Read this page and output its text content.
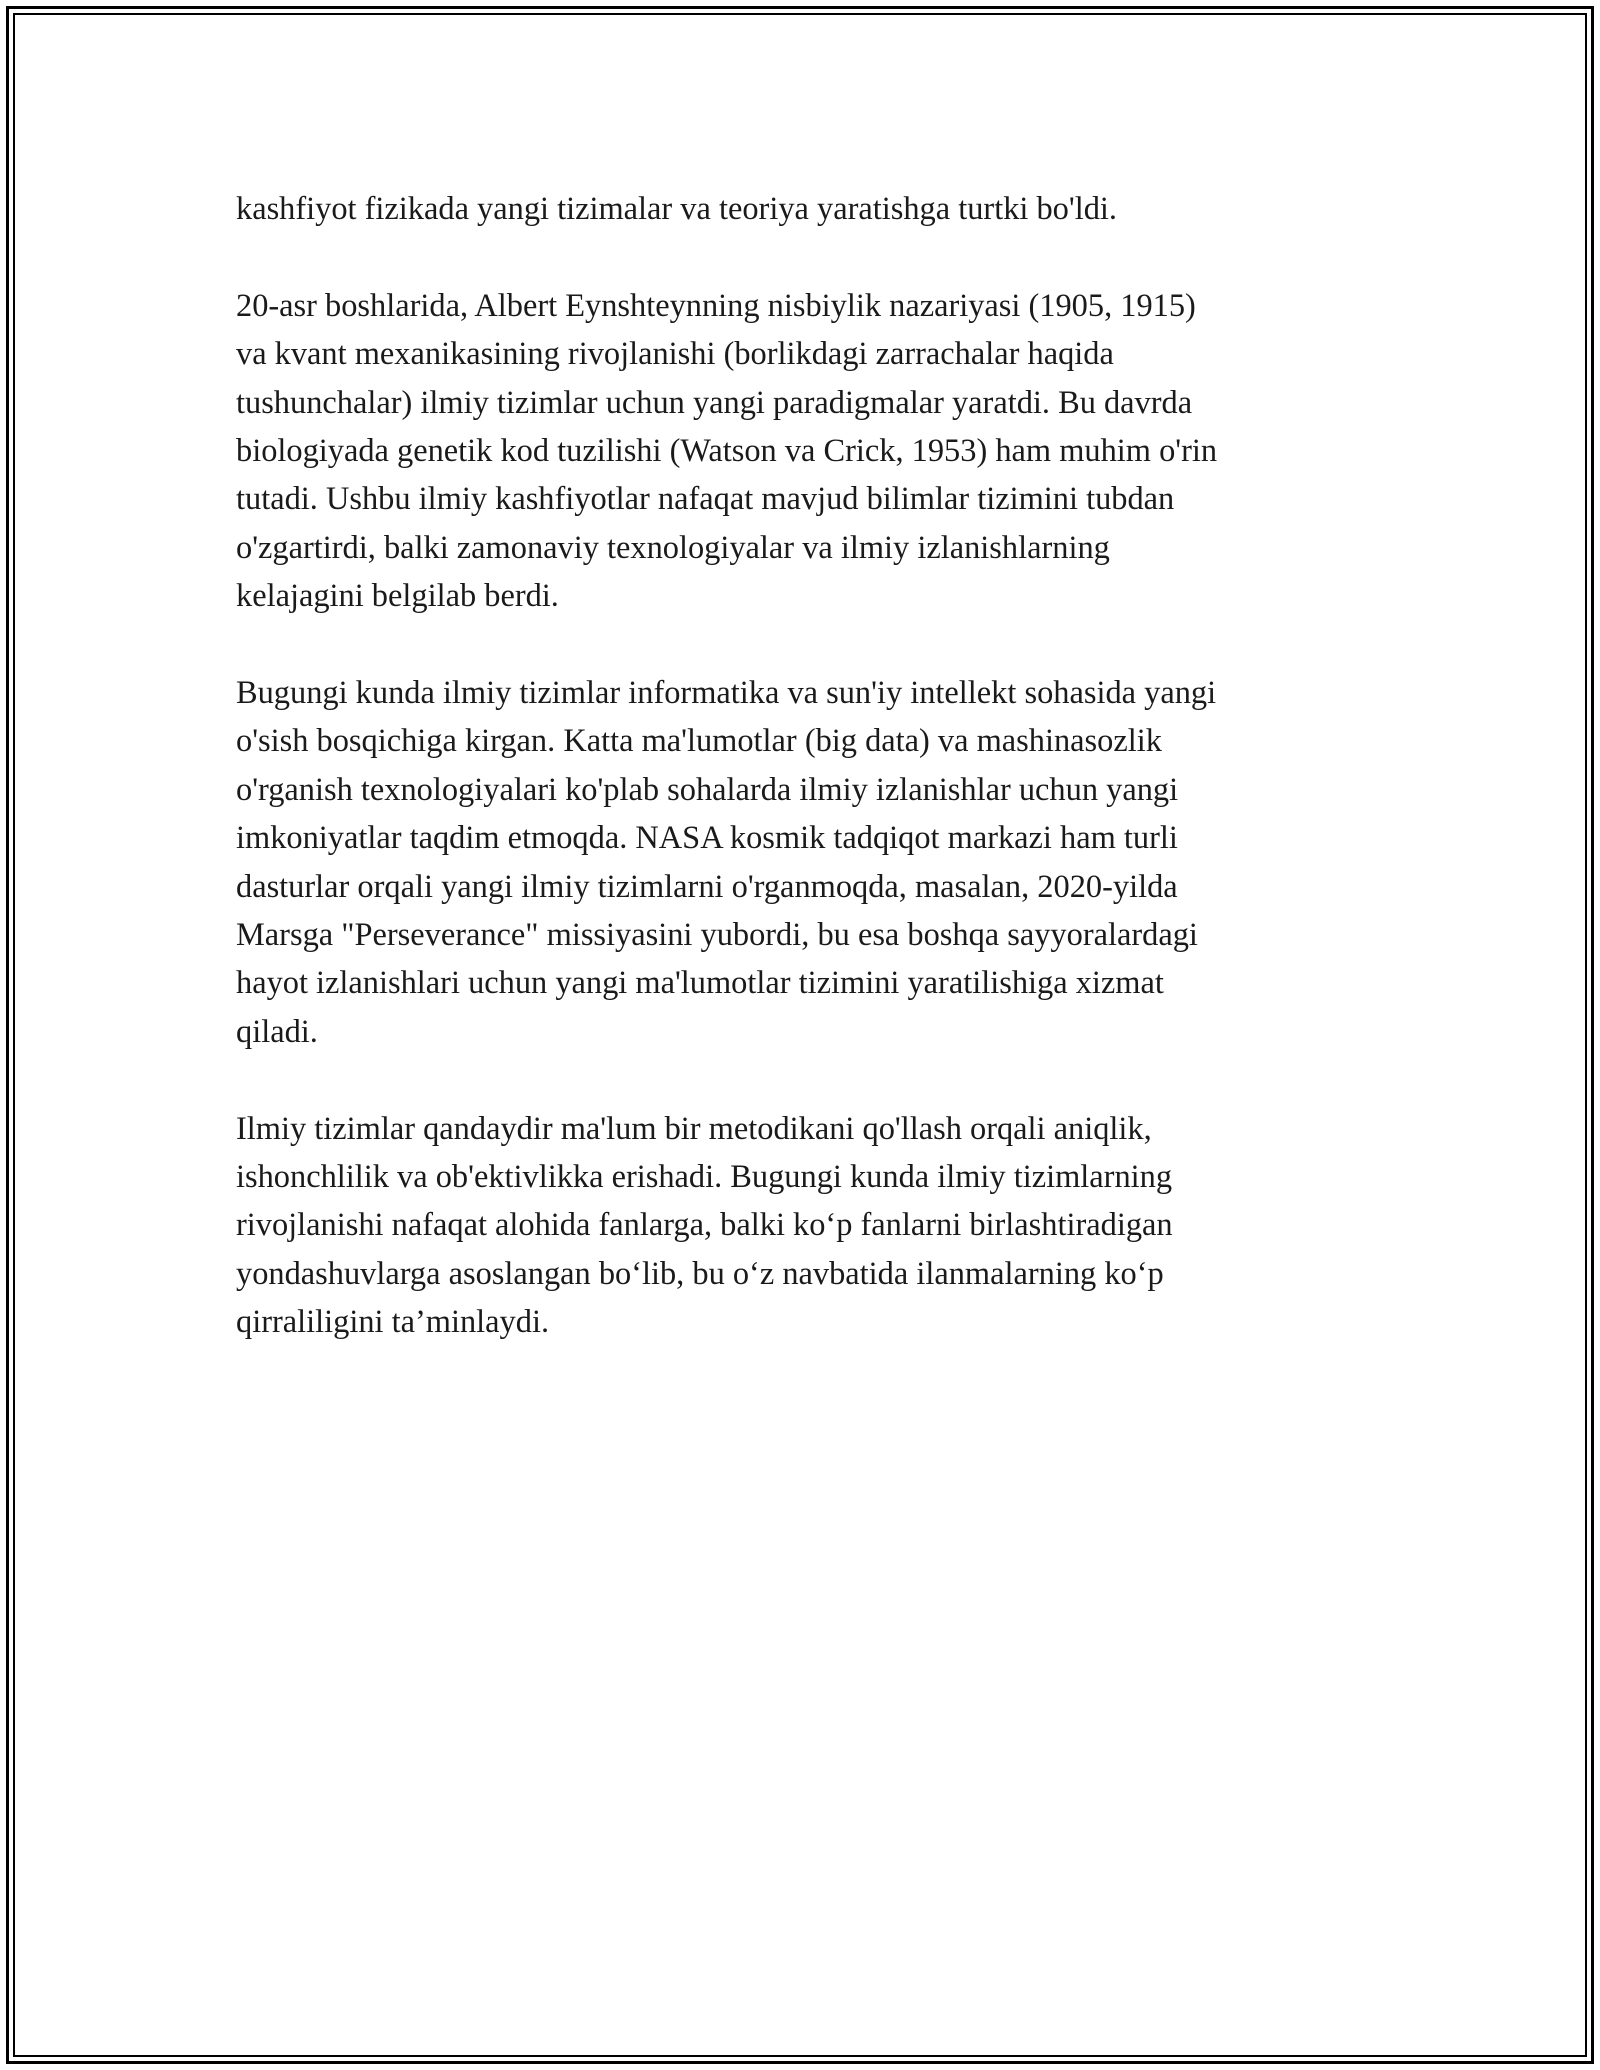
kashfiyot fizikada yangi tizimalar va teoriya yaratishga turtki bo'ldi.

20-asr boshlarida, Albert Eynshteynning nisbiylik nazariyasi (1905, 1915)
va kvant mexanikasining rivojlanishi (borlikdagi zarrachalar haqida
tushunchalar) ilmiy tizimlar uchun yangi paradigmalar yaratdi. Bu davrda
biologiyada genetik kod tuzilishi (Watson va Crick, 1953) ham muhim o'rin
tutadi. Ushbu ilmiy kashfiyotlar nafaqat mavjud bilimlar tizimini tubdan
o'zgartirdi, balki zamonaviy texnologiyalar va ilmiy izlanishlarning
kelajagini belgilab berdi.

Bugungi kunda ilmiy tizimlar informatika va sun'iy intellekt sohasida yangi
o'sish bosqichiga kirgan. Katta ma'lumotlar (big data) va mashinasozlik
o'rganish texnologiyalari ko'plab sohalarda ilmiy izlanishlar uchun yangi
imkoniyatlar taqdim etmoqda. NASA kosmik tadqiqot markazi ham turli
dasturlar orqali yangi ilmiy tizimlarni o'rganmoqda, masalan, 2020-yilda
Marsga "Perseverance" missiyasini yubordi, bu esa boshqa sayyoralardagi
hayot izlanishlari uchun yangi ma'lumotlar tizimini yaratilishiga xizmat
qiladi.

Ilmiy tizimlar qandaydir ma'lum bir metodikani qo'llash orqali aniqlik,
ishonchlilik va ob'ektivlikka erishadi. Bugungi kunda ilmiy tizimlarning
rivojlanishi nafaqat alohida fanlarga, balki ko‘p fanlarni birlashtiradigan
yondashuvlarga asoslangan bo‘lib, bu o‘z navbatida ilanmalarning ko‘p
qirraliligini ta’minlaydi.
